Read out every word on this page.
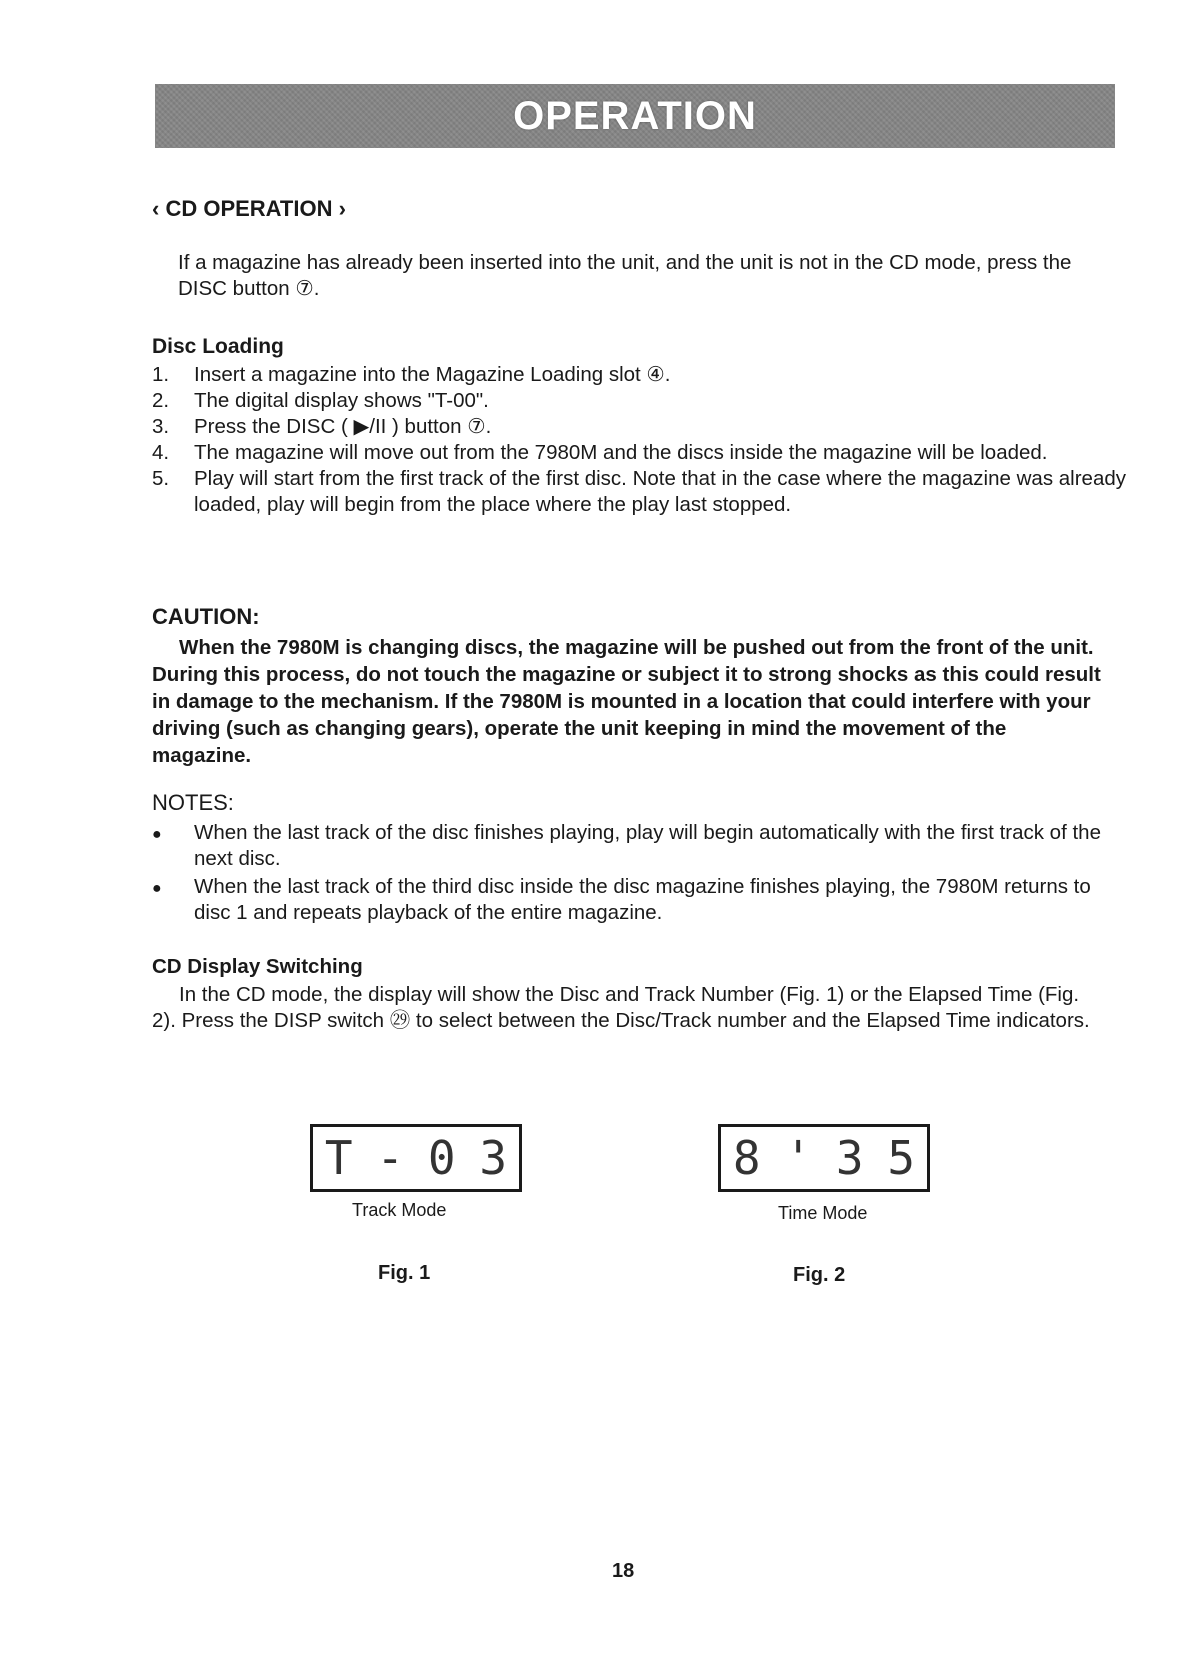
OPERATION
‹ CD OPERATION ›
If a magazine has already been inserted into the unit, and the unit is not in the CD mode, press the DISC button ⑦.
Disc Loading
1.	Insert a magazine into the Magazine Loading slot ④.
2.	The digital display shows "T-00".
3.	Press the DISC ( ▶/II ) button ⑦.
4.	The magazine will move out from the 7980M and the discs inside the magazine will be loaded.
5.	Play will start from the first track of the first disc. Note that in the case where the magazine was already loaded, play will begin from the place where the play last stopped.
CAUTION:
When the 7980M is changing discs, the magazine will be pushed out from the front of the unit. During this process, do not touch the magazine or subject it to strong shocks as this could result in damage to the mechanism. If the 7980M is mounted in a location that could interfere with your driving (such as changing gears), operate the unit keeping in mind the movement of the magazine.
NOTES:
●	When the last track of the disc finishes playing, play will begin automatically with the first track of the next disc.
●	When the last track of the third disc inside the disc magazine finishes playing, the 7980M returns to disc 1 and repeats playback of the entire magazine.
CD Display Switching
In the CD mode, the display will show the Disc and Track Number (Fig. 1) or the Elapsed Time (Fig. 2). Press the DISP switch ㉙ to select between the Disc/Track number and the Elapsed Time indicators.
T - 0 3
Track Mode
Fig. 1
8 ' 3 5
Time Mode
Fig. 2
18
